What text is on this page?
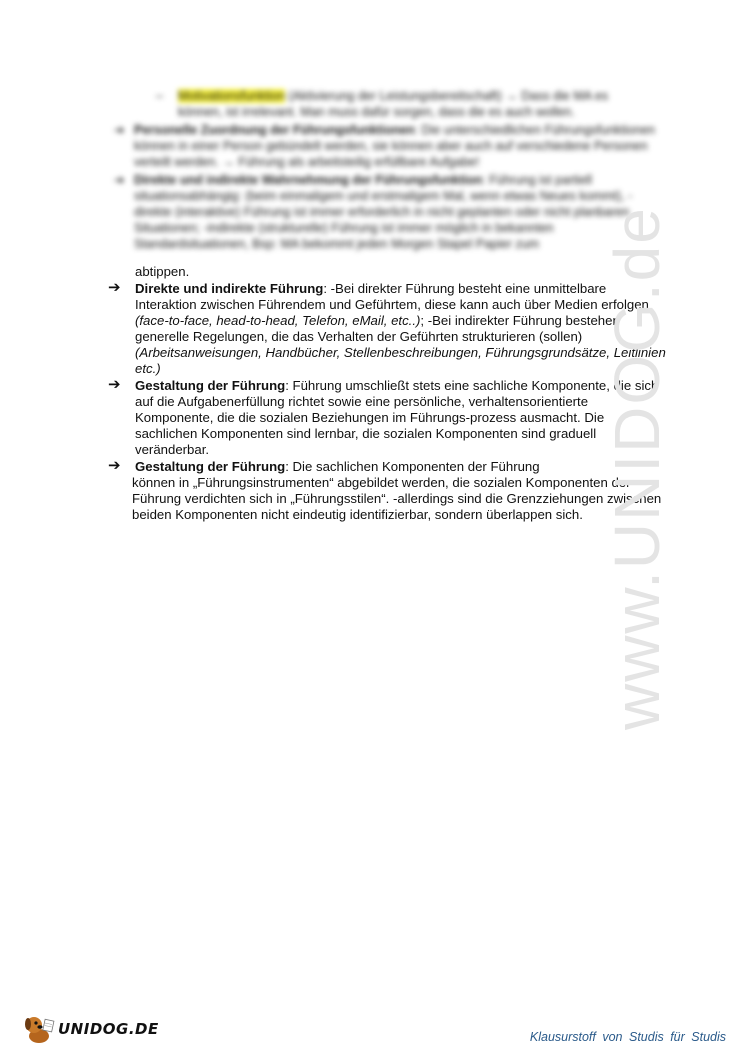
– Motivationsfunktion (Aktivierung der Leistungsbereitschaft) → Dass die MA es
können, ist irrelevant. Man muss dafür sorgen, dass die es auch wollen.
➔ Personelle Zuordnung der Führungsfunktionen: Die unterschiedlichen Führungsfunktionen können in einer Person gebündelt werden, sie können aber auch auf verschiedene Personen verteilt werden. → Führung als arbeitsteilig erfüllbare Aufgabe!
➔ Direkte und indirekte Wahrnehmung der Führungsfunktion: Führung ist partiell situationsabhängig: (beim einmaligem und erstmaligem Mal, wenn etwas Neues kommt), -direkte (interaktive) Führung ist immer erforderlich in nicht geplanten oder nicht planbaren Situationen; -indirekte (strukturelle) Führung ist immer möglich in bekannten Standardsituationen, Bsp: MA bekommt jeden Morgen Stapel Papier zum
abtippen.
➔ Direkte und indirekte Führung: -Bei direkter Führung besteht eine unmittelbare Interaktion zwischen Führendem und Geführtem, diese kann auch über Medien erfolgen (face-to-face, head-to-head, Telefon, eMail, etc..); -Bei indirekter Führung bestehen generelle Regelungen, die das Verhalten der Geführten strukturieren (sollen) (Arbeitsanweisungen, Handbücher, Stellenbeschreibungen, Führungsgrundsätze, Leitlinien etc.)
➔ Gestaltung der Führung: Führung umschließt stets eine sachliche Komponente, die sich auf die Aufgabenerfüllung richtet sowie eine persönliche, verhaltensorientierte Komponente, die die sozialen Beziehungen im Führungs-prozess ausmacht. Die sachlichen Komponenten sind lernbar, die sozialen Komponenten sind graduell veränderbar.
➔ Gestaltung der Führung: Die sachlichen Komponenten der Führung
können in „Führungsinstrumenten“ abgebildet werden, die sozialen Komponenten der Führung verdichten sich in „Führungsstilen“. -allerdings sind die Grenzziehungen zwischen beiden Komponenten nicht eindeutig identifizierbar, sondern überlappen sich. www.UNIDOG.de
UNIDOG.DE	Klausurstoff von Studis für Studis
